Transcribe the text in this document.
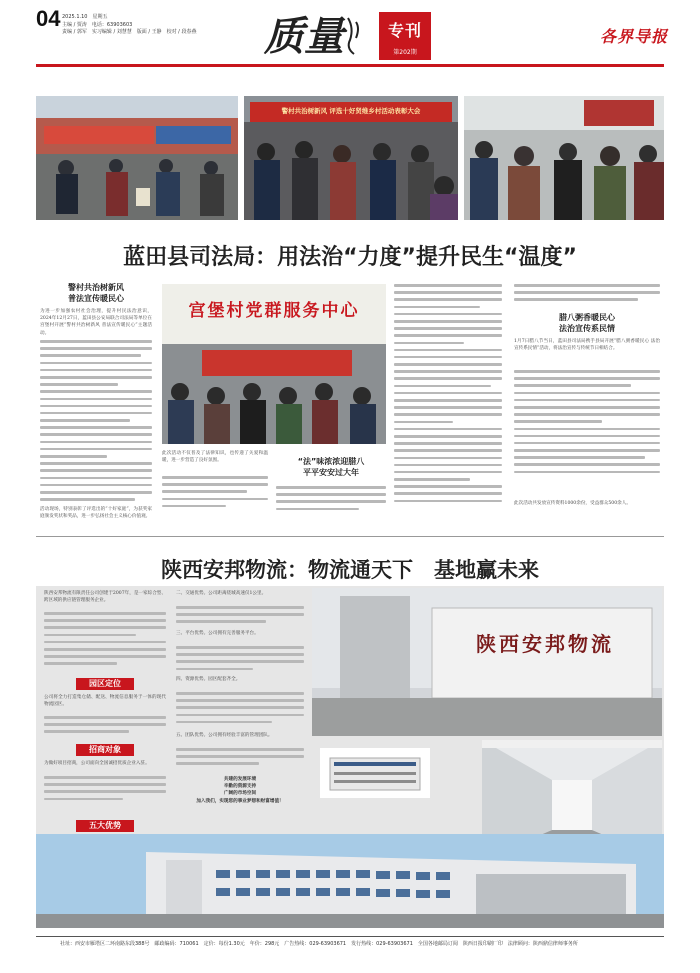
04 2025.1.10　星期五
主编 / 贾涛　电话：63903603
责编 / 郭军　实习编辑 / 刘慧慧　版面 / 王静　校对 / 段春燕 质量	专刊
第202期
各界导报
警村共治树新风 评选十好贤维乡村活动表彰大会
蓝田县司法局：用法治“力度”提升民生“温度”
警村共治树新风
普法宣传暖民心
为进一步加强农村社会治理，提升村民法治意识，2024年12月27日，蓝田县公安局联合司法局等单位在宫堡村开展“警村共治树新风 普法宣传暖民心”主题活动。
活动现场，特别表彰了评选出的“十好家庭”，为获奖家庭颁发奖状和奖品，进一步弘扬社会主义核心价值观。
宫堡村党群服务中心
此次活动不仅普及了法律知识，也传递了关爱和温暖，进一步营造了良好氛围。	“法”味浓浓迎腊八
平平安安过大年
腊八粥香暖民心
法治宣传系民情
1月7日腊八节当日，蓝田县司法局携手县局开展“腊八粥香暖民心 法治宣传系民情”活动，将法治宣传与传统节日相结合。
此次活动共发放宣传资料1000余份，受益群众500余人。
陕西安邦物流：物流通天下　基地赢未来
陕西安邦物流有限责任公司创建于2007年，是一家综合型、跨区域的供应链管理服务企业。
园区定位
公司将全力打造集仓储、配送、物流信息服务于一体的现代物流园区。
招商对象
为做好项目招商，公司面向全国诚招优质企业入驻。
五大优势
二、交通优势。公司距离绕城高速仅1公里。
三、平台优势。公司拥有完善服务平台。
四、资源优势。园区配套齐全。
五、团队优势。公司拥有经验丰富的管理团队。
共建的发展环境
辛勤的资源支持
广阔的市场空间
加入我们，实现您的事业梦想和财富增值！
陕西安邦物流
社址：西安市雁塔区二环南路东段388号　邮政编码：710061　定价：每份1.30元　年价：298元　广告热线：029-63903671　发行热线：029-63903671　全国各地邮局订阅　陕西日报印刷厂印　法律顾问：陕西鼎信律师事务所
